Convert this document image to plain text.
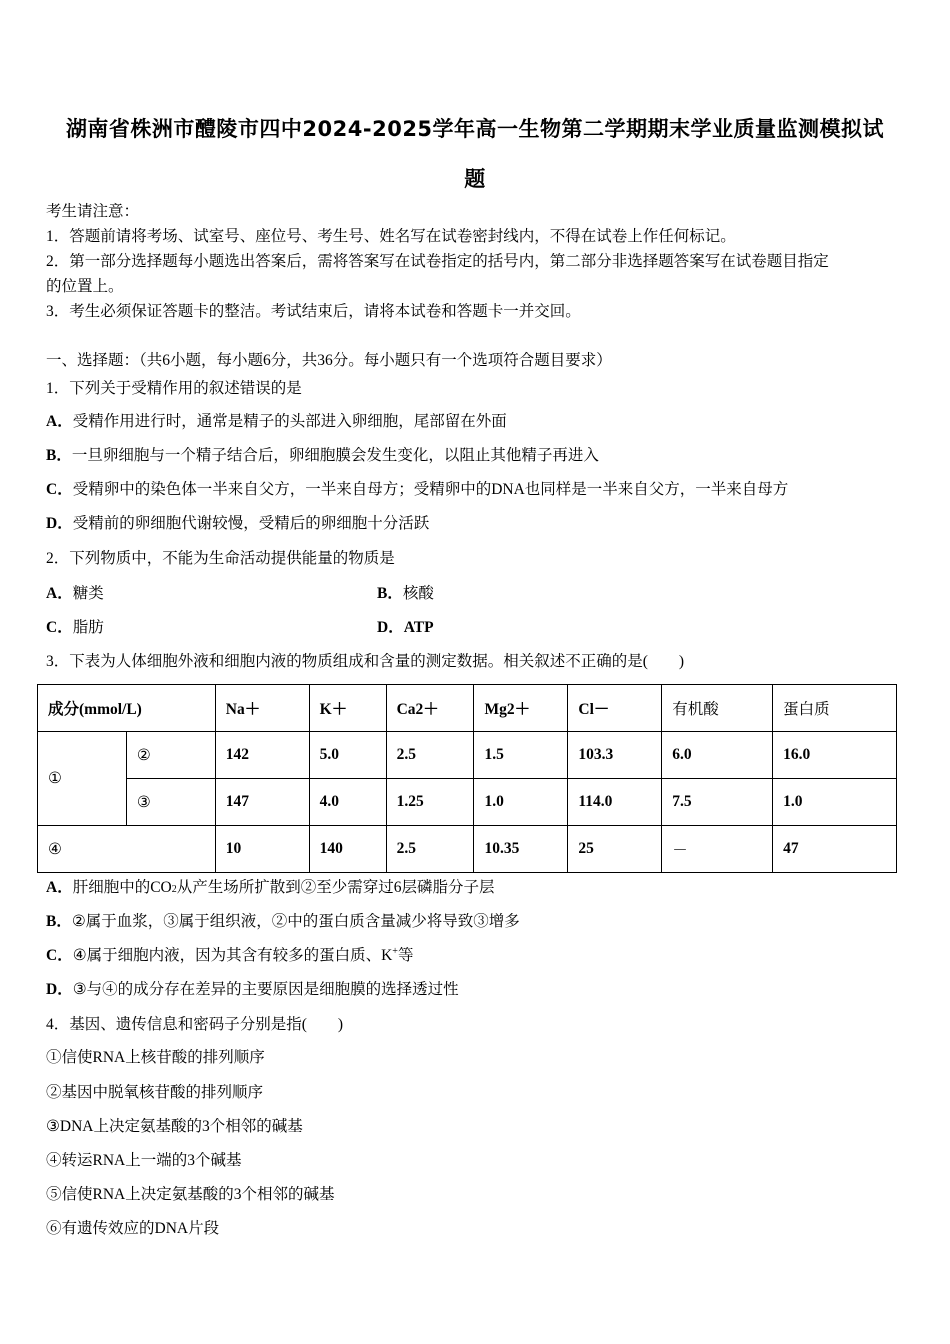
湖南省株洲市醴陵市四中2024-2025学年高一生物第二学期期末学业质量监测模拟试
题
考生请注意：
1．答题前请将考场、试室号、座位号、考生号、姓名写在试卷密封线内，不得在试卷上作任何标记。
2．第一部分选择题每小题选出答案后，需将答案写在试卷指定的括号内，第二部分非选择题答案写在试卷题目指定
的位置上。
3．考生必须保证答题卡的整洁。考试结束后，请将本试卷和答题卡一并交回。
一、选择题：（共6小题，每小题6分，共36分。每小题只有一个选项符合题目要求）
1．下列关于受精作用的叙述错误的是
A．受精作用进行时，通常是精子的头部进入卵细胞，尾部留在外面
B．一旦卵细胞与一个精子结合后，卵细胞膜会发生变化，以阻止其他精子再进入
C．受精卵中的染色体一半来自父方，一半来自母方；受精卵中的DNA也同样是一半来自父方，一半来自母方
D．受精前的卵细胞代谢较慢，受精后的卵细胞十分活跃
2．下列物质中，不能为生命活动提供能量的物质是
A．糖类	B．核酸
C．脂肪	D．ATP
3．下表为人体细胞外液和细胞内液的物质组成和含量的测定数据。相关叙述不正确的是(　　)
成分(mmol/L)		Na＋	K＋	Ca2＋	Mg2＋	Cl－	有机酸	蛋白质
①	②	142	5.0	2.5	1.5	103.3	6.0	16.0
	③	147	4.0	1.25	1.0	114.0	7.5	1.0
④		10	140	2.5	10.35	25	－	47
A．肝细胞中的CO2从产生场所扩散到②至少需穿过6层磷脂分子层
B．②属于血浆，③属于组织液，②中的蛋白质含量减少将导致③增多
C．④属于细胞内液，因为其含有较多的蛋白质、K+等
D．③与④的成分存在差异的主要原因是细胞膜的选择透过性
4．基因、遗传信息和密码子分别是指(　　)
①信使RNA上核苷酸的排列顺序
②基因中脱氧核苷酸的排列顺序
③DNA上决定氨基酸的3个相邻的碱基
④转运RNA上一端的3个碱基
⑤信使RNA上决定氨基酸的3个相邻的碱基
⑥有遗传效应的DNA片段
